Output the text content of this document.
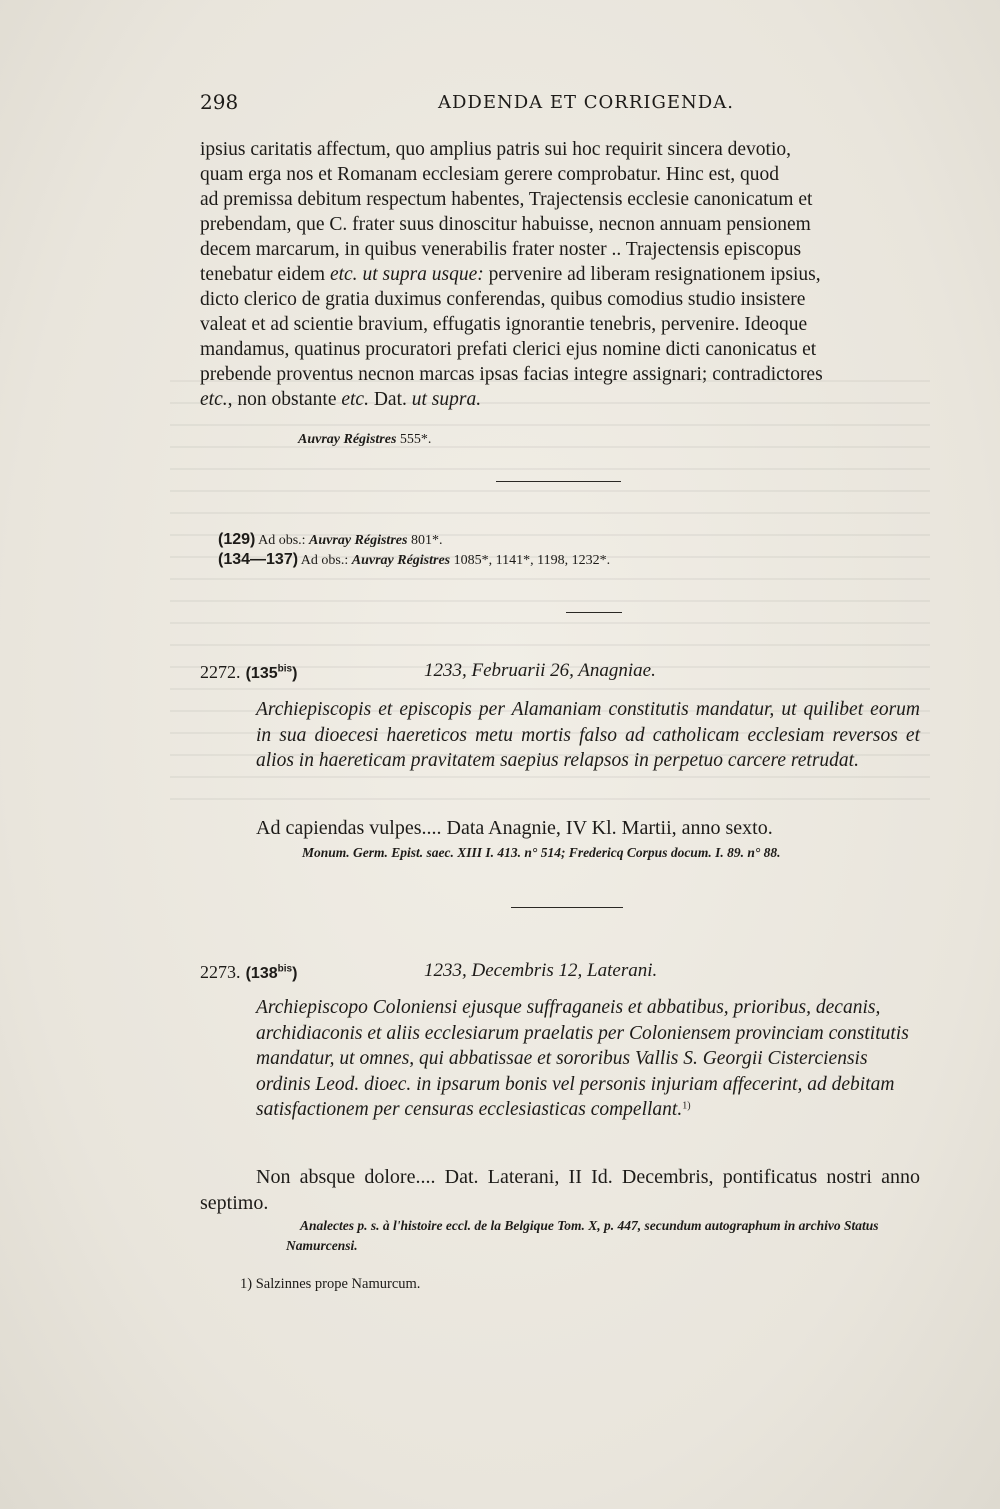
298	ADDENDA ET CORRIGENDA.
ipsius caritatis affectum, quo amplius patris sui hoc requirit sincera devotio,
quam erga nos et Romanam ecclesiam gerere comprobatur. Hinc est, quod
ad premissa debitum respectum habentes, Trajectensis ecclesie canonicatum et
prebendam, que C. frater suus dinoscitur habuisse, necnon annuam pensionem
decem marcarum, in quibus venerabilis frater noster .. Trajectensis episcopus
tenebatur eidem etc. ut supra usque: pervenire ad liberam resignationem ipsius,
dicto clerico de gratia duximus conferendas, quibus comodius studio insistere
valeat et ad scientie bravium, effugatis ignorantie tenebris, pervenire. Ideoque
mandamus, quatinus procuratori prefati clerici ejus nomine dicti canonicatus et
prebende proventus necnon marcas ipsas facias integre assignari; contradictores
etc., non obstante etc. Dat. ut supra.
Auvray Régistres 555*.
(129) Ad obs.: Auvray Régistres 801*.
(134—137) Ad obs.: Auvray Régistres 1085*, 1141*, 1198, 1232*.
2272. $(135^{bis})$	1233, Februarii 26, Anagniae.
Archiepiscopis et episcopis per Alamaniam constitutis mandatur, ut quilibet eorum in sua dioecesi haereticos metu mortis falso ad catholicam ecclesiam reversos et alios in haereticam pravitatem saepius relapsos in perpetuo carcere retrudat.
Ad capiendas vulpes.... Data Anagnie, IV Kl. Martii, anno sexto.
Monum. Germ. Epist. saec. XIII I. 413. n° 514; Fredericq Corpus docum. I. 89. n° 88.
2273. $(138^{bis})$	1233, Decembris 12, Laterani.
Archiepiscopo Coloniensi ejusque suffraganeis et abbatibus, prioribus, decanis, archidiaconis et aliis ecclesiarum praelatis per Coloniensem provinciam constitutis mandatur, ut omnes, qui abbatissae et sororibus Vallis S. Georgii Cisterciensis ordinis Leod. dioec. in ipsarum bonis vel personis injuriam affecerint, ad debitam satisfactionem per censuras ecclesiasticas compellant.$^{1)}$
Non absque dolore.... Dat. Laterani, II Id. Decembris, pontificatus nostri anno septimo.
Analectes p. s. à l'histoire eccl. de la Belgique Tom. X, p. 447, secundum autographum in archivo Status Namurcensi.
1) Salzinnes prope Namurcum.
